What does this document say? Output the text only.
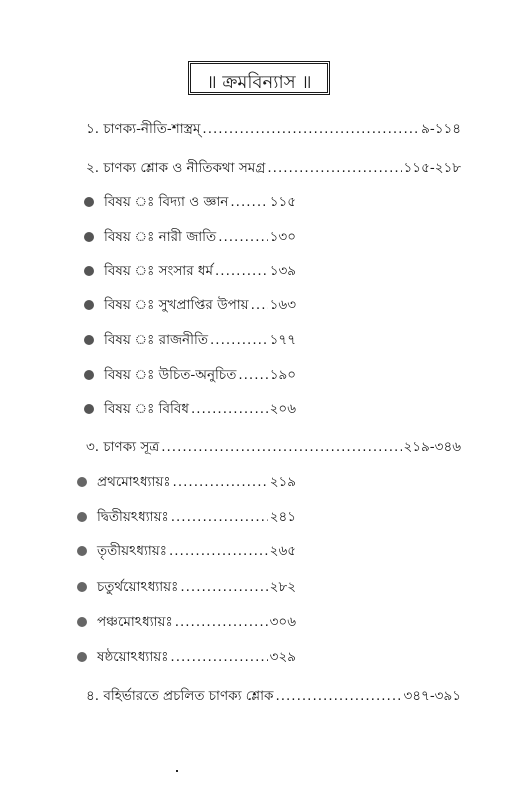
॥ ক্রমবিন্যাস ॥
১. চাণক্য-নীতি-শাস্ত্রম্ .....	৯-১১৪
২. চাণক্য শ্লোক ও নীতিকথা সমগ্র .....	১১৫-২১৮
বিষয় ঃ বিদ্যা ও জ্ঞান .....	১১৫
বিষয় ঃ নারী জাতি .....	১৩০
বিষয় ঃ সংসার ধর্ম .....	১৩৯
বিষয় ঃ সুখপ্রাপ্তির উপায় ..... ১৬৩
বিষয় ঃ রাজনীতি .....	১৭৭
বিষয় ঃ উচিত-অনুচিত ..... ১৯০
বিষয় ঃ বিবিধ .....	২০৬
৩. চাণক্য সূত্র .....	২১৯-৩৪৬
প্রথমোঽধ্যায়ঃ .....	২১৯
দ্বিতীয়ঽধ্যায়ঃ .....	২৪১
তৃতীয়ঽধ্যায়ঃ .....	২৬৫
চতুর্থয়োঽধ্যায়ঃ .....	২৮২
পঞ্চমোঽধ্যায়ঃ .....	৩০৬
ষষ্ঠয়োঽধ্যায়ঃ .....	৩২৯
৪. বহির্ভারতে প্রচলিত চাণক্য শ্লোক .....	৩৪৭-৩৯১
